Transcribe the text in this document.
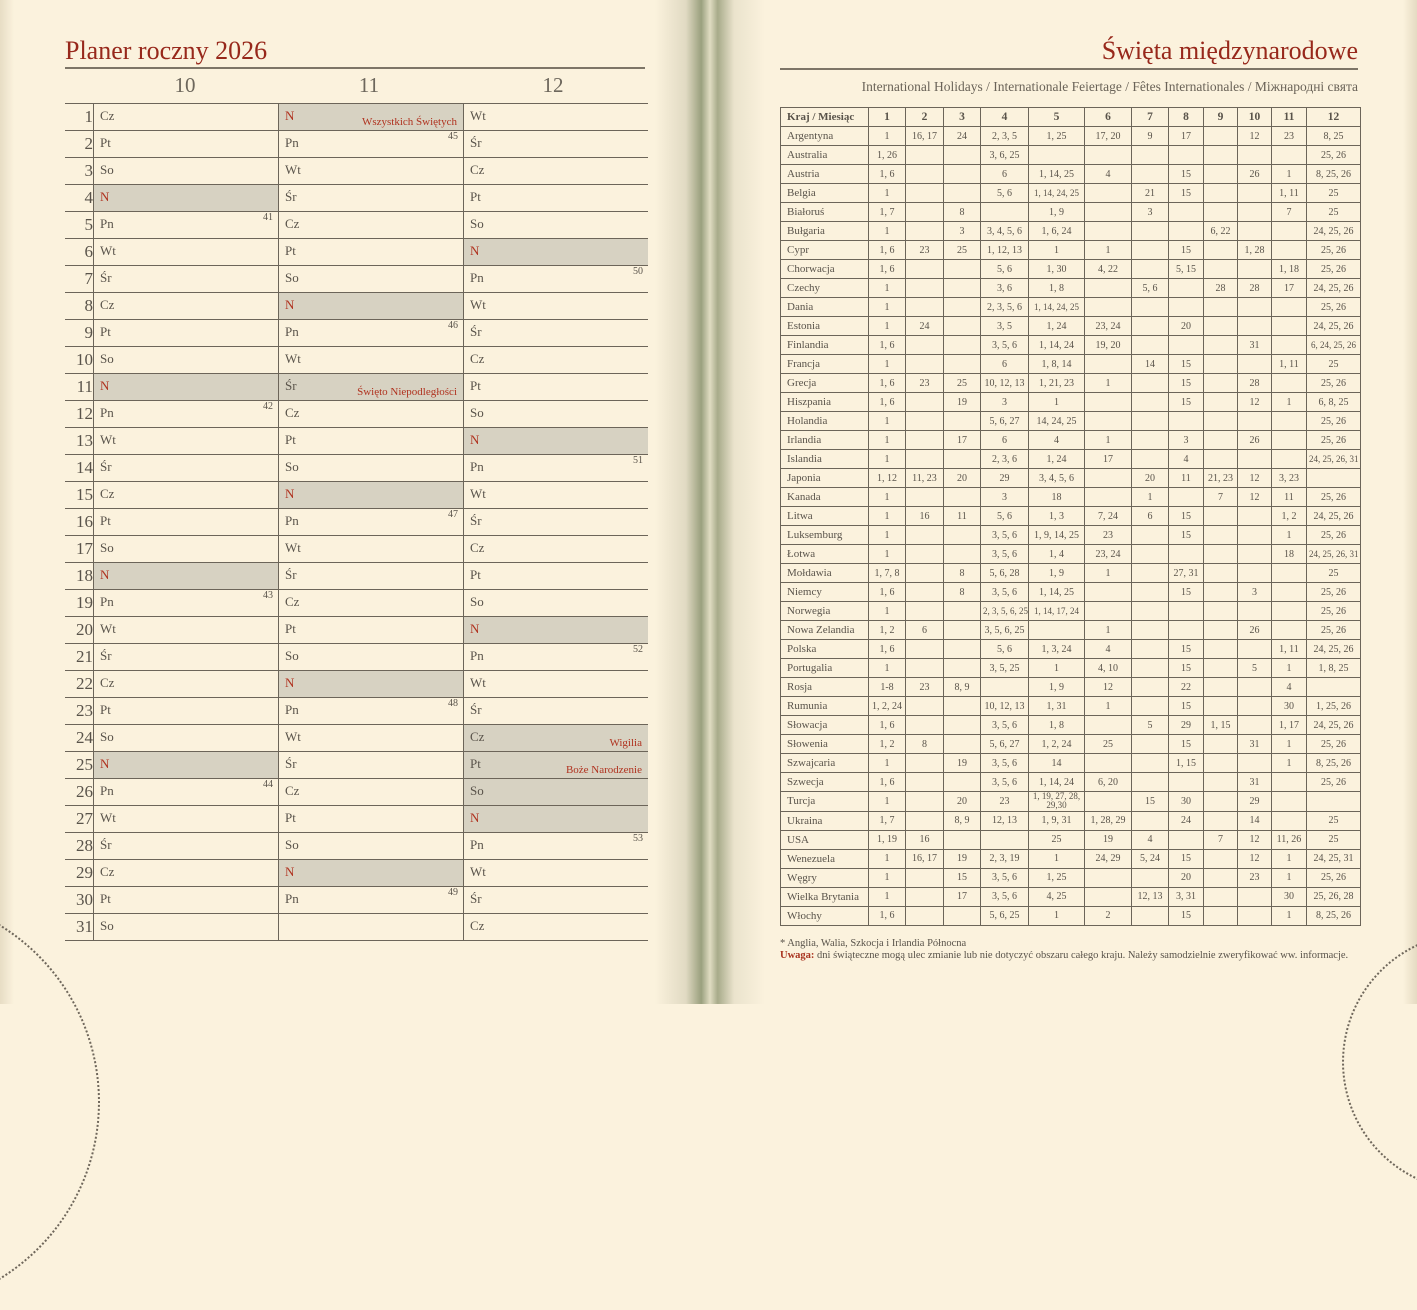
Planer roczny 2026
10	11	12
1	Cz	N Wszystkich Świętych	Wt

2	Pt	Pn 45	Śr

3	So	Wt	Cz

4	N	Śr	Pt

5	Pn 41	Cz	So

6	Wt	Pt	N

7	Śr	So	Pn 50

8	Cz	N	Wt

9	Pt	Pn 46	Śr

10	So	Wt	Cz

11	N	Śr Święto Niepodległości	Pt

12	Pn 42	Cz	So

13	Wt	Pt	N

14	Śr	So	Pn 51

15	Cz	N	Wt

16	Pt	Pn 47	Śr

17	So	Wt	Cz

18	N	Śr	Pt

19	Pn 43	Cz	So

20	Wt	Pt	N

21	Śr	So	Pn 52

22	Cz	N	Wt

23	Pt	Pn 48	Śr

24	So	Wt	Cz Wigilia

25	N	Śr	Pt Boże Narodzenie

26	Pn 44	Cz	So

27	Wt	Pt	N

28	Śr	So	Pn 53

29	Cz	N	Wt

30	Pt	Pn 49	Śr

31	So		Cz
Święta międzynarodowe
International Holidays / Internationale Feiertage / Fêtes Internationales / Міжнародні свята
Kraj / Miesiąc	1	2	3	4	5	6	7	8	9	10	11	12
Argentyna	1	16, 17	24	2, 3, 5	1, 25	17, 20	9	17		12	23	8, 25
Australia	1, 26			3, 6, 25								25, 26
Austria	1, 6			6	1, 14, 25	4		15		26	1	8, 25, 26
Belgia	1			5, 6	1, 14, 24, 25		21	15			1, 11	25
Białoruś	1, 7		8		1, 9		3				7	25
Bułgaria	1		3	3, 4, 5, 6	1, 6, 24				6, 22			24, 25, 26
Cypr	1, 6	23	25	1, 12, 13	1	1		15		1, 28		25, 26
Chorwacja	1, 6			5, 6	1, 30	4, 22		5, 15			1, 18	25, 26
Czechy	1			3, 6	1, 8		5, 6		28	28	17	24, 25, 26
Dania	1			2, 3, 5, 6	1, 14, 24, 25							25, 26
Estonia	1	24		3, 5	1, 24	23, 24		20				24, 25, 26
Finlandia	1, 6			3, 5, 6	1, 14, 24	19, 20				31		6, 24, 25, 26
Francja	1			6	1, 8, 14		14	15			1, 11	25
Grecja	1, 6	23	25	10, 12, 13	1, 21, 23	1		15		28		25, 26
Hiszpania	1, 6		19	3	1			15		12	1	6, 8, 25
Holandia	1			5, 6, 27	14, 24, 25							25, 26
Irlandia	1		17	6	4	1		3		26		25, 26
Islandia	1			2, 3, 6	1, 24	17		4				24, 25, 26, 31
Japonia	1, 12	11, 23	20	29	3, 4, 5, 6		20	11	21, 23	12	3, 23	
Kanada	1			3	18		1		7	12	11	25, 26
Litwa	1	16	11	5, 6	1, 3	7, 24	6	15			1, 2	24, 25, 26
Luksemburg	1			3, 5, 6	1, 9, 14, 25	23		15			1	25, 26
Łotwa	1			3, 5, 6	1, 4	23, 24					18	24, 25, 26, 31
Mołdawia	1, 7, 8		8	5, 6, 28	1, 9	1		27, 31				25
Niemcy	1, 6		8	3, 5, 6	1, 14, 25			15		3		25, 26
Norwegia	1			2, 3, 5, 6, 25	1, 14, 17, 24							25, 26
Nowa Zelandia	1, 2	6		3, 5, 6, 25		1				26		25, 26
Polska	1, 6			5, 6	1, 3, 24	4		15			1, 11	24, 25, 26
Portugalia	1			3, 5, 25	1	4, 10		15		5	1	1, 8, 25
Rosja	1-8	23	8, 9		1, 9	12		22			4	
Rumunia	1, 2, 24			10, 12, 13	1, 31	1		15			30	1, 25, 26
Słowacja	1, 6			3, 5, 6	1, 8		5	29	1, 15		1, 17	24, 25, 26
Słowenia	1, 2	8		5, 6, 27	1, 2, 24	25		15		31	1	25, 26
Szwajcaria	1		19	3, 5, 6	14			1, 15			1	8, 25, 26
Szwecja	1, 6			3, 5, 6	1, 14, 24	6, 20				31		25, 26
Turcja	1		20	23	1, 19, 27, 28, 29,30		15	30		29		
Ukraina	1, 7		8, 9	12, 13	1, 9, 31	1, 28, 29		24		14		25
USA	1, 19	16			25	19	4		7	12	11, 26	25
Wenezuela	1	16, 17	19	2, 3, 19	1	24, 29	5, 24	15		12	1	24, 25, 31
Węgry	1		15	3, 5, 6	1, 25			20		23	1	25, 26
Wielka Brytania	1		17	3, 5, 6	4, 25		12, 13	3, 31			30	25, 26, 28
Włochy	1, 6			5, 6, 25	1	2		15			1	8, 25, 26
* Anglia, Walia, Szkocja i Irlandia Północna
Uwaga: dni świąteczne mogą ulec zmianie lub nie dotyczyć obszaru całego kraju. Należy samodzielnie zweryfikować ww. informacje.
